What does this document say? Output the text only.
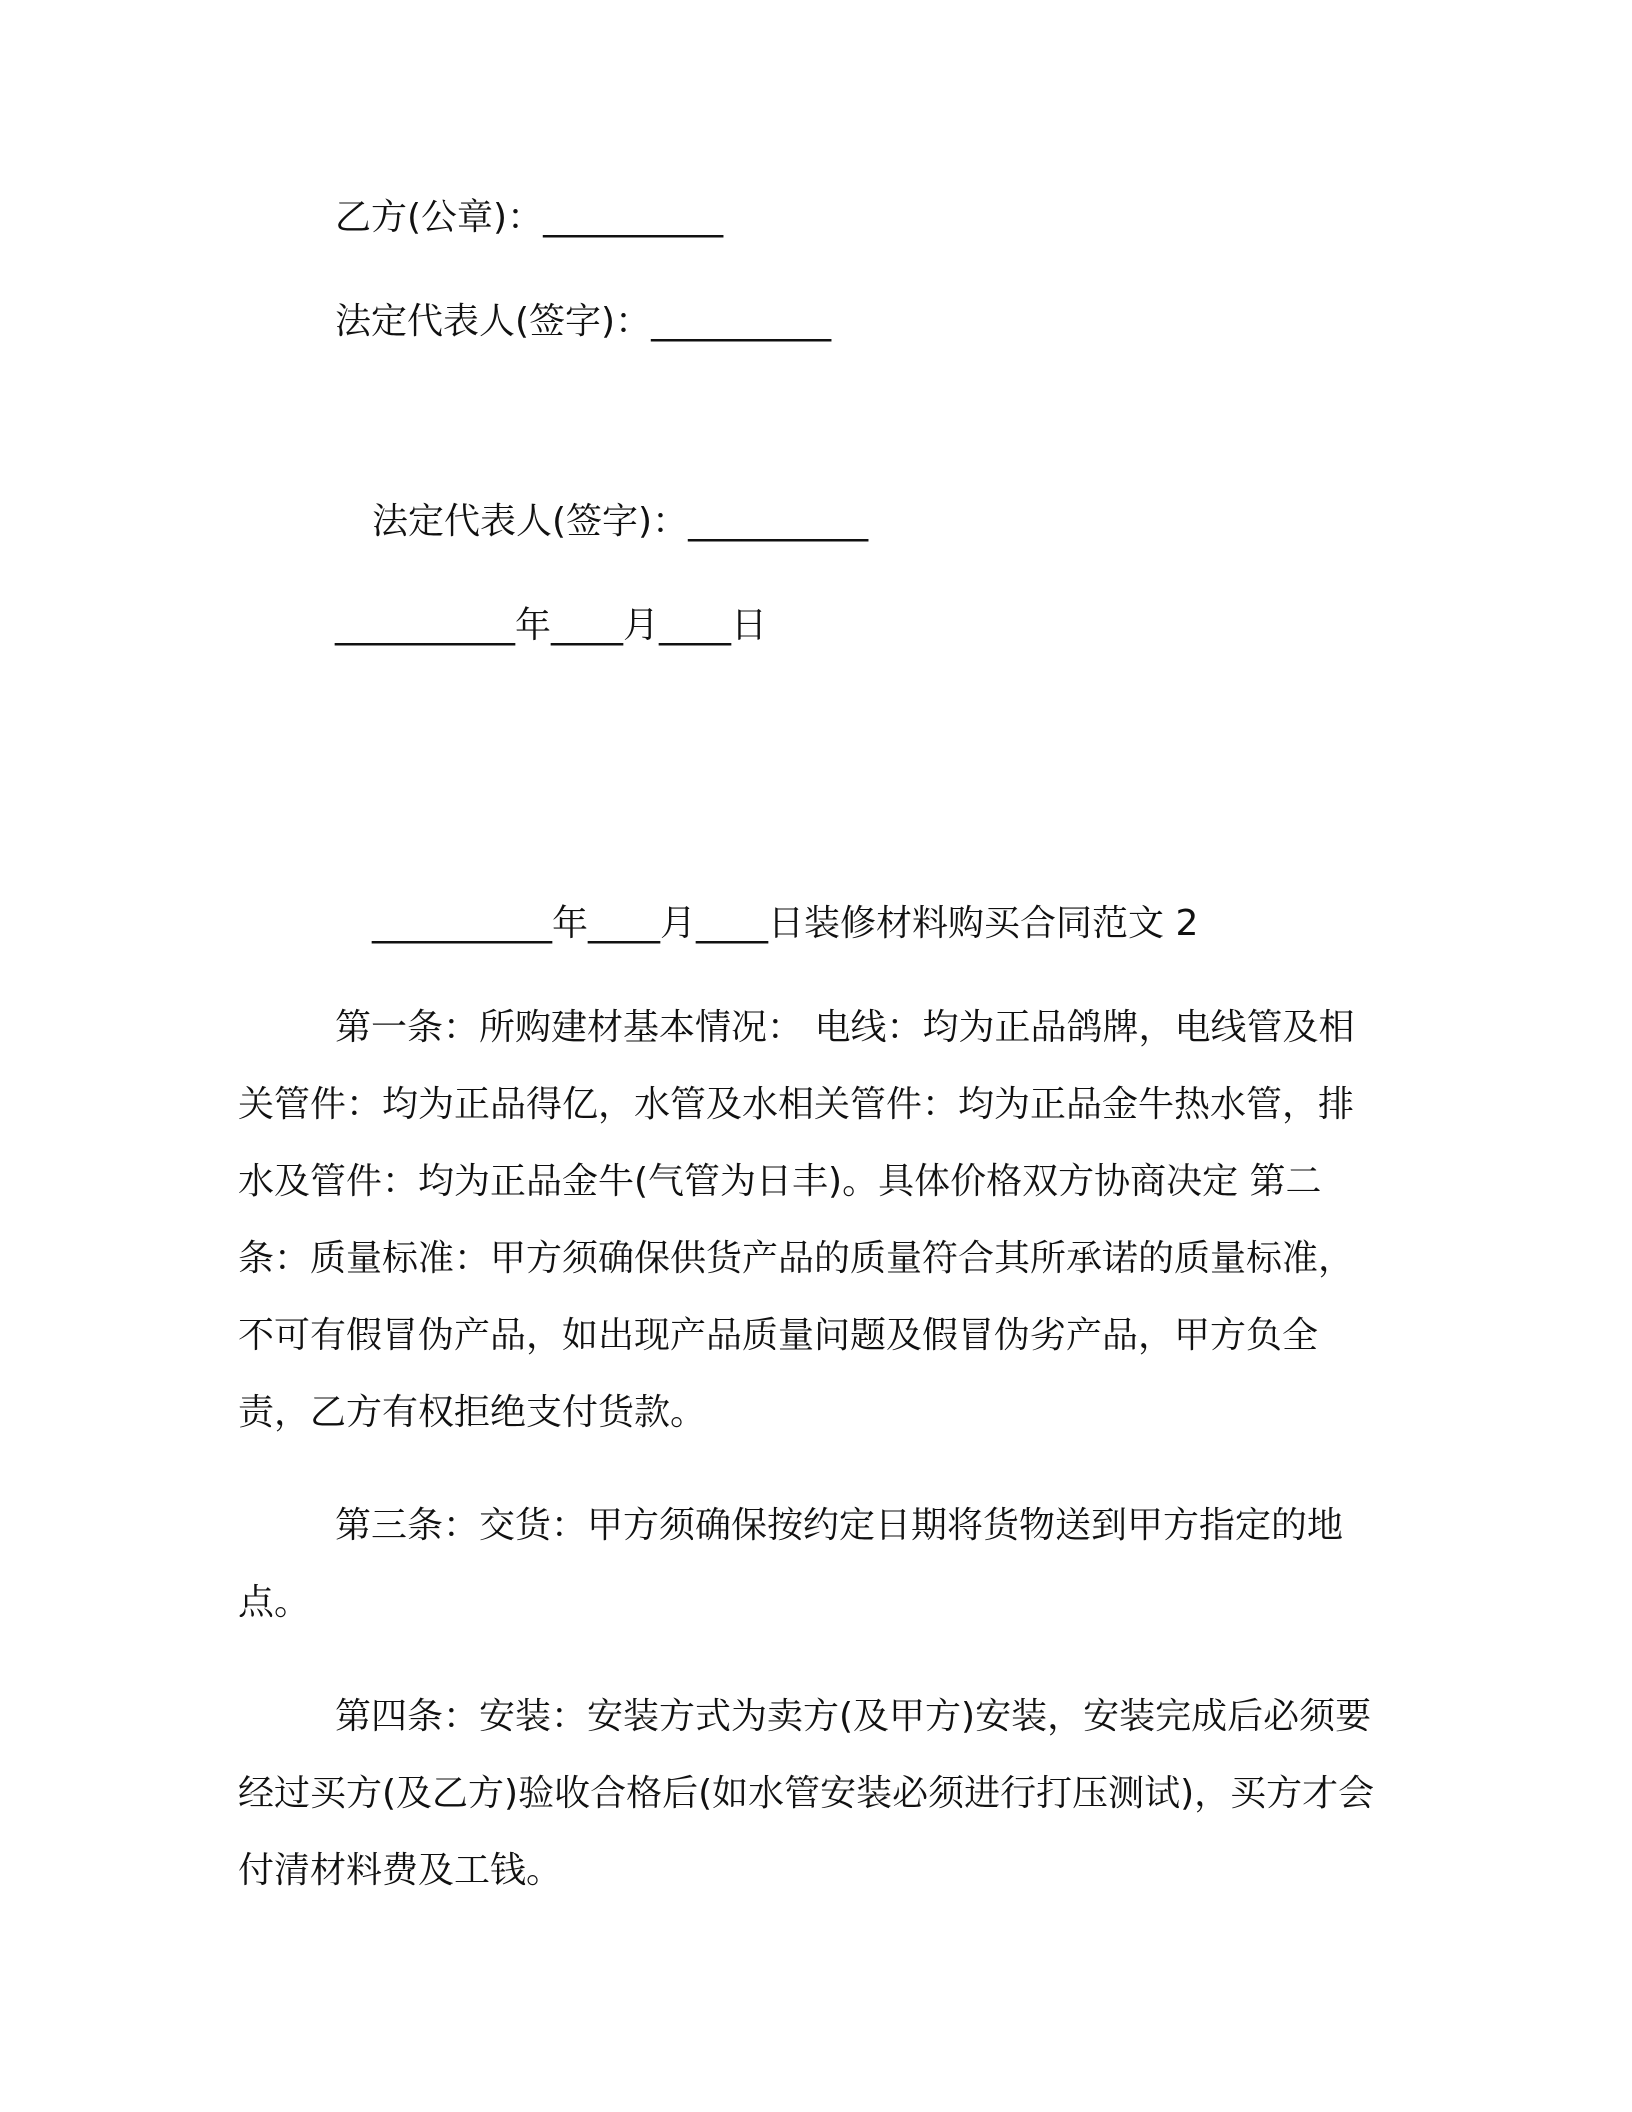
乙方(公章)：__________
法定代表人(签字)：__________
法定代表人(签字)：__________
__________年____月____日
__________年____月____日装修材料购买合同范文 2

第一条：所购建材基本情况： 电线：均为正品鸽牌，电线管及相关管件：均为正品得亿，水管及水相关管件：均为正品金牛热水管，排水及管件：均为正品金牛(气管为日丰)。具体价格双方协商决定 第二条：质量标准：甲方须确保供货产品的质量符合其所承诺的质量标准，不可有假冒伪产品，如出现产品质量问题及假冒伪劣产品，甲方负全责，乙方有权拒绝支付货款。

第三条：交货：甲方须确保按约定日期将货物送到甲方指定的地点。

第四条：安装：安装方式为卖方(及甲方)安装，安装完成后必须要经过买方(及乙方)验收合格后(如水管安装必须进行打压测试)，买方才会付清材料费及工钱。
